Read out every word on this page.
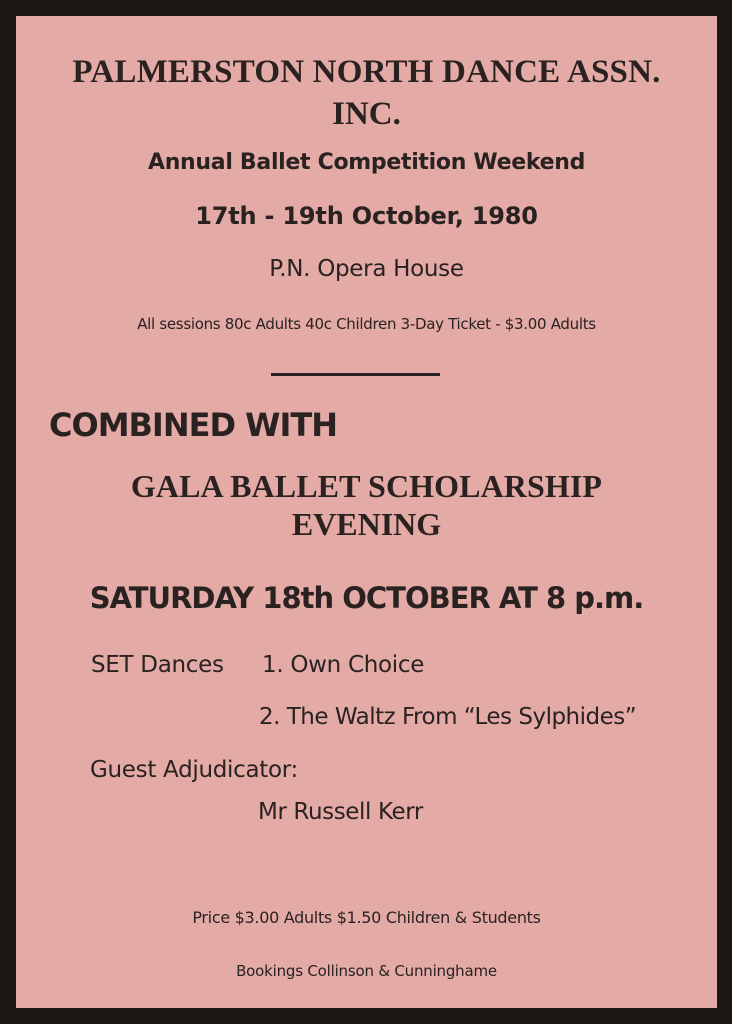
PALMERSTON NORTH DANCE ASSN.
INC.
Annual Ballet Competition Weekend
17th - 19th October, 1980
P.N. Opera House
All sessions 80c Adults 40c Children 3-Day Ticket - $3.00 Adults
COMBINED WITH
GALA BALLET SCHOLARSHIP
EVENING
SATURDAY 18th OCTOBER AT 8 p.m.
SET Dances 1. Own Choice
2. The Waltz From “Les Sylphides”
Guest Adjudicator:
Mr Russell Kerr
Price $3.00 Adults $1.50 Children & Students
Bookings Collinson & Cunninghame
